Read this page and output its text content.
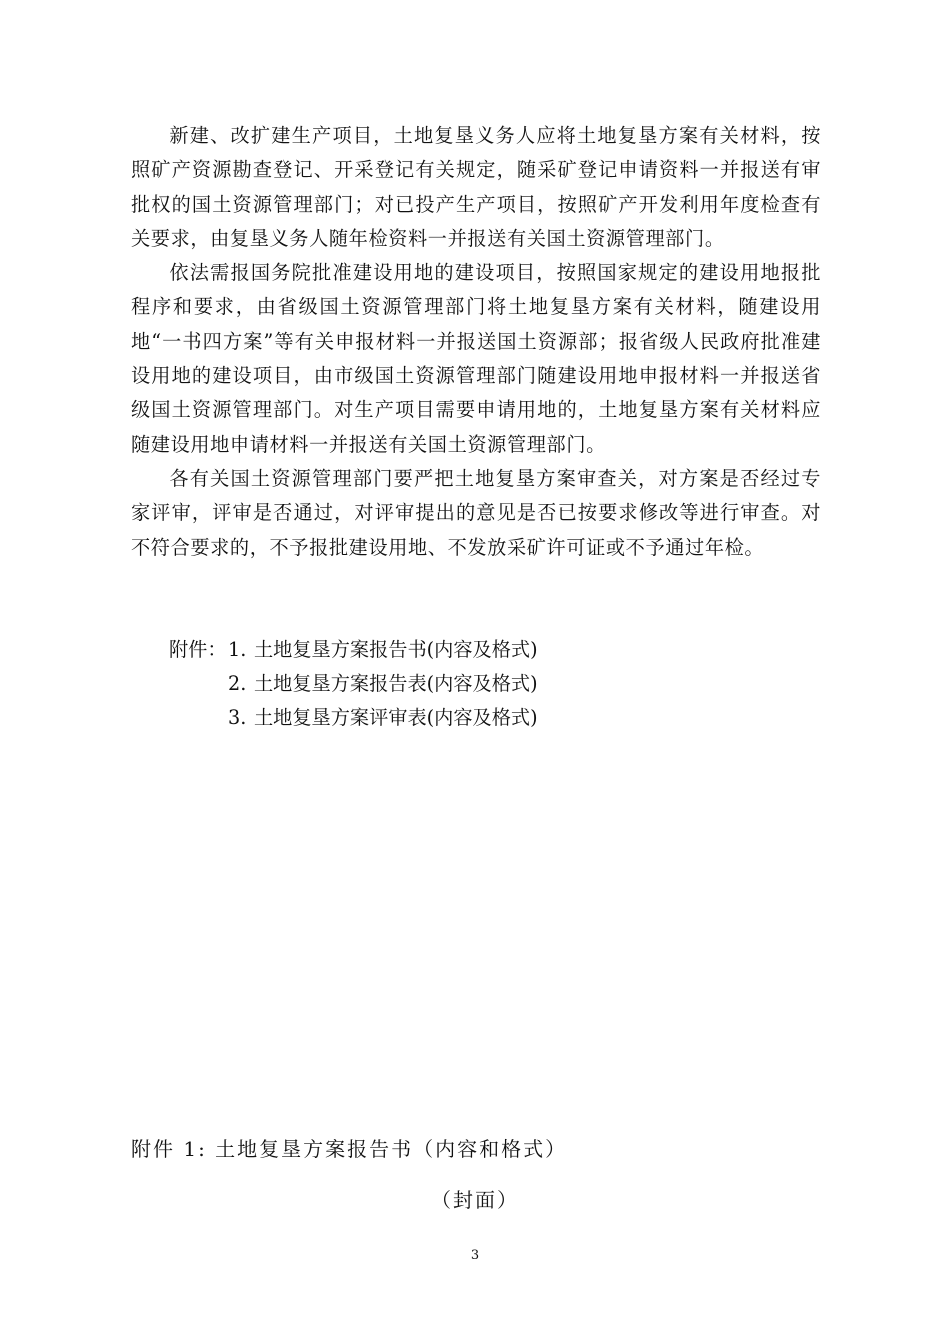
新建、改扩建生产项目，土地复垦义务人应将土地复垦方案有关材料，按照矿产资源勘查登记、开采登记有关规定，随采矿登记申请资料一并报送有审批权的国土资源管理部门；对已投产生产项目，按照矿产开发利用年度检查有关要求，由复垦义务人随年检资料一并报送有关国土资源管理部门。

依法需报国务院批准建设用地的建设项目，按照国家规定的建设用地报批程序和要求，由省级国土资源管理部门将土地复垦方案有关材料，随建设用地“一书四方案”等有关申报材料一并报送国土资源部；报省级人民政府批准建设用地的建设项目，由市级国土资源管理部门随建设用地申报材料一并报送省级国土资源管理部门。对生产项目需要申请用地的，土地复垦方案有关材料应随建设用地申请材料一并报送有关国土资源管理部门。

各有关国土资源管理部门要严把土地复垦方案审查关，对方案是否经过专家评审，评审是否通过，对评审提出的意见是否已按要求修改等进行审查。对不符合要求的，不予报批建设用地、不发放采矿许可证或不予通过年检。

附件：1. 土地复垦方案报告书(内容及格式)
2. 土地复垦方案报告表(内容及格式)
3. 土地复垦方案评审表(内容及格式)
附件 1: 土地复垦方案报告书（内容和格式）
（封面）
3
